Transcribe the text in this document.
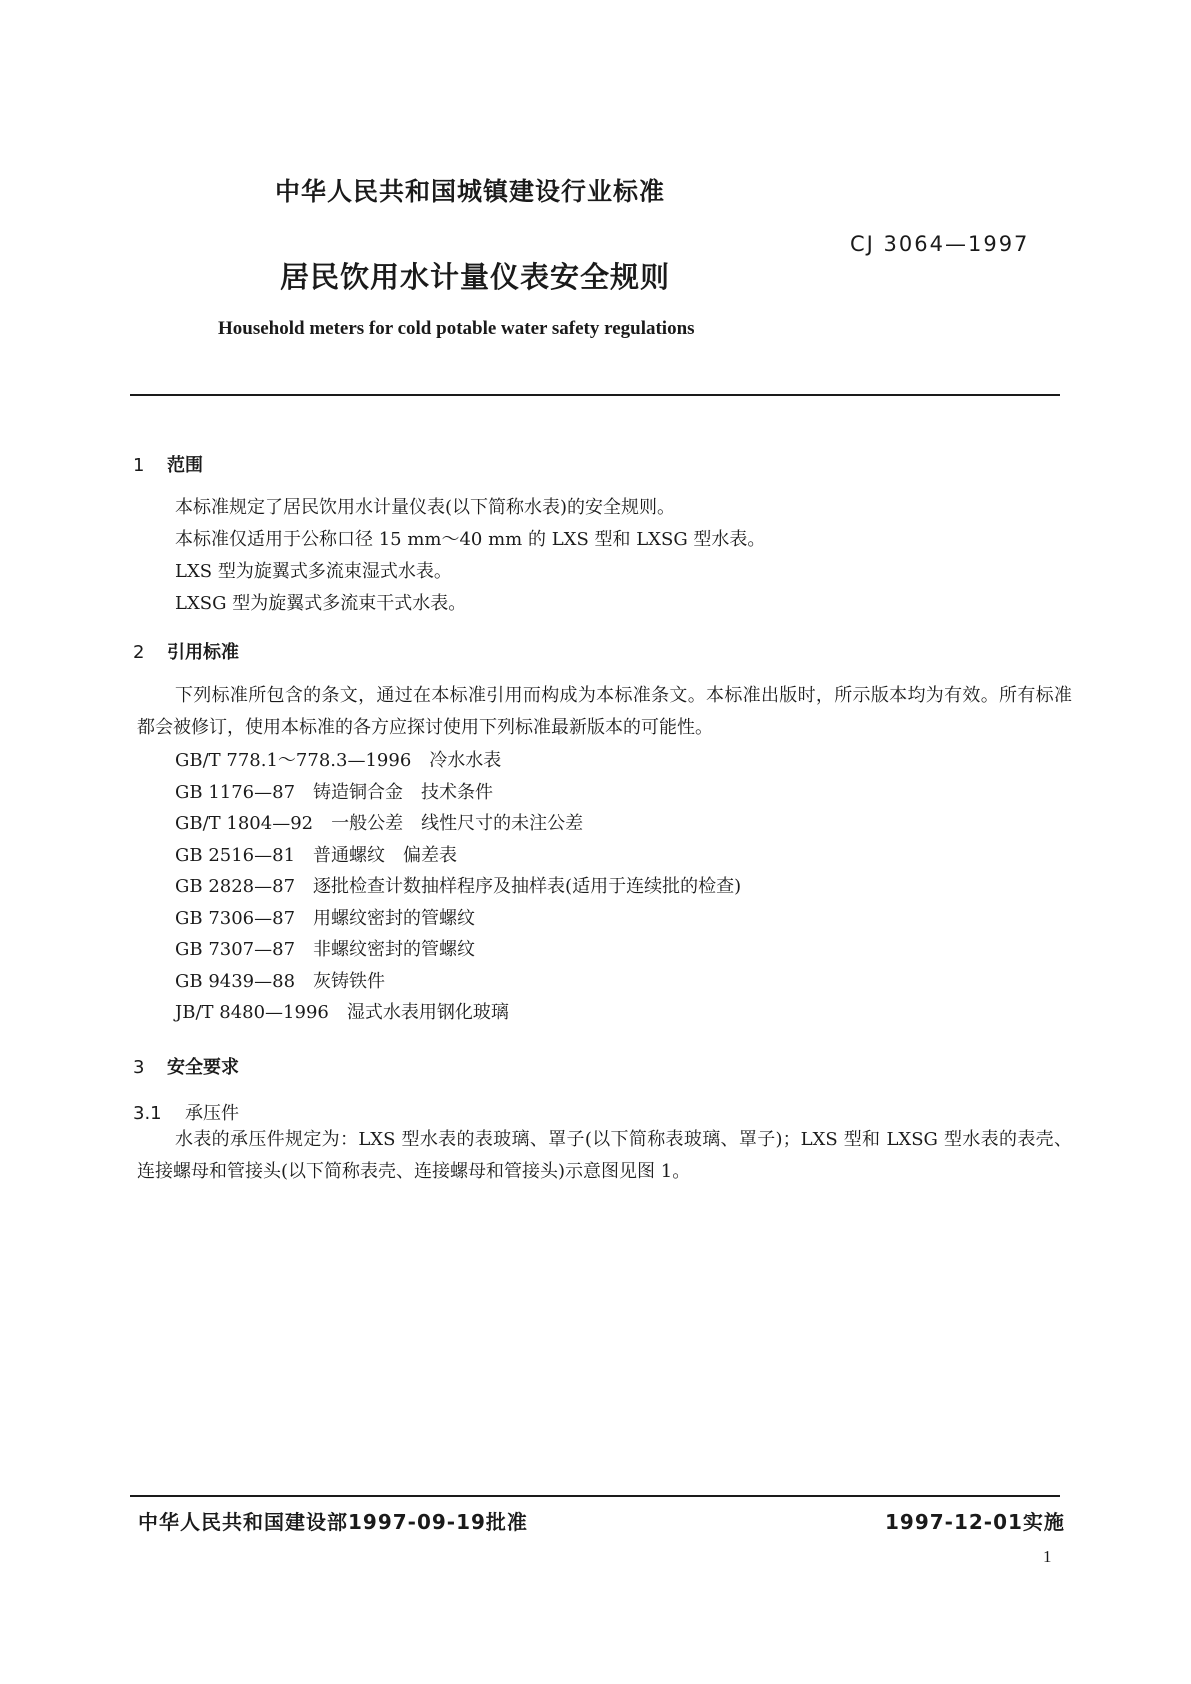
中华人民共和国城镇建设行业标准
CJ 3064—1997
居民饮用水计量仪表安全规则
Household meters for cold potable water safety regulations
1 范围
本标准规定了居民饮用水计量仪表(以下简称水表)的安全规则。
本标准仅适用于公称口径 15 mm～40 mm 的 LXS 型和 LXSG 型水表。
LXS 型为旋翼式多流束湿式水表。
LXSG 型为旋翼式多流束干式水表。
2 引用标准
下列标准所包含的条文，通过在本标准引用而构成为本标准条文。本标准出版时，所示版本均为有效。所有标准都会被修订，使用本标准的各方应探讨使用下列标准最新版本的可能性。
GB/T 778.1～778.3—1996 冷水水表
GB 1176—87 铸造铜合金　技术条件
GB/T 1804—92 一般公差　线性尺寸的未注公差
GB 2516—81 普通螺纹　偏差表
GB 2828—87 逐批检查计数抽样程序及抽样表(适用于连续批的检查)
GB 7306—87 用螺纹密封的管螺纹
GB 7307—87 非螺纹密封的管螺纹
GB 9439—88 灰铸铁件
JB/T 8480—1996 湿式水表用钢化玻璃
3 安全要求
3.1 承压件
水表的承压件规定为：LXS 型水表的表玻璃、罩子(以下简称表玻璃、罩子)；LXS 型和 LXSG 型水表的表壳、连接螺母和管接头(以下简称表壳、连接螺母和管接头)示意图见图 1。
中华人民共和国建设部1997-09-19批准	1997-12-01实施
1
